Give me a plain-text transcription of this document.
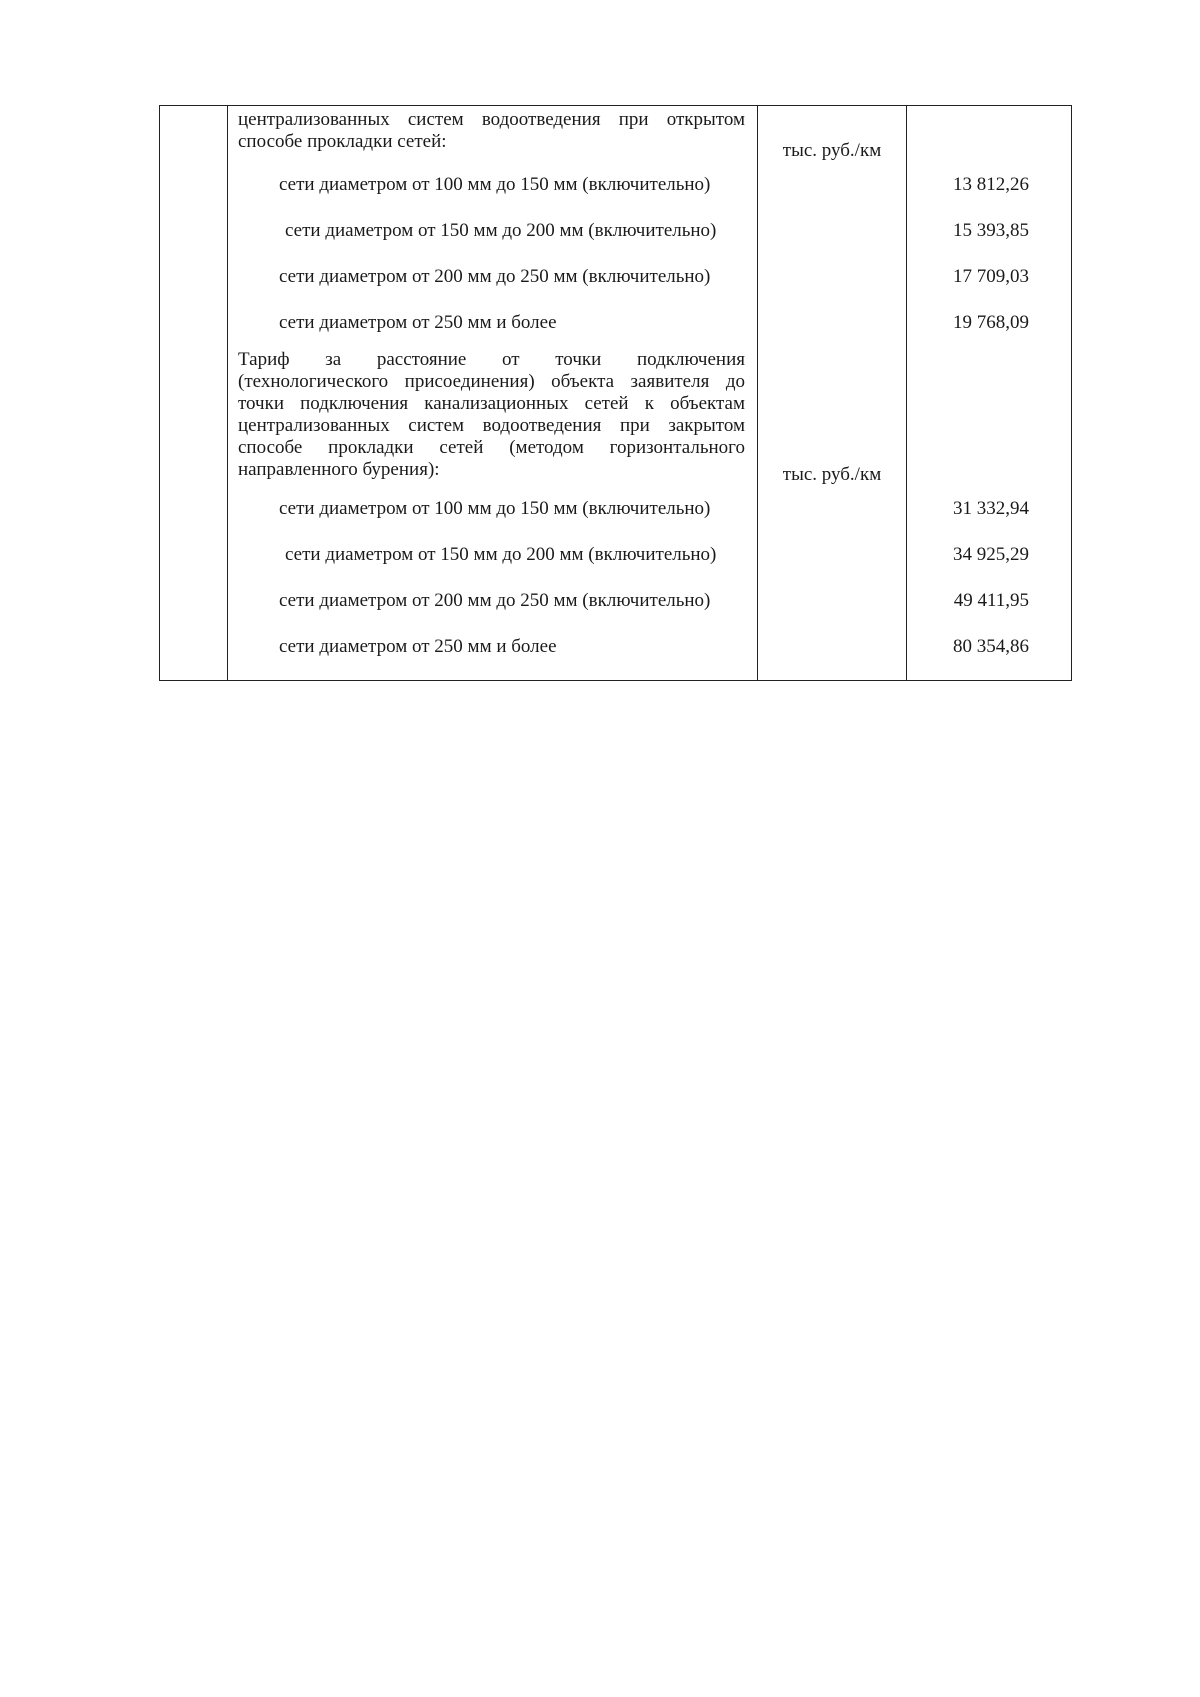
	централизованных систем водоотведения при открытом способе прокладки сетей:	тыс. руб./км	

сети диаметром от 100 мм до 150 мм (включительно)		13 812,26

сети диаметром от 150 мм до 200 мм (включительно)		15 393,85

сети диаметром от 200 мм до 250 мм (включительно)		17 709,03

сети диаметром от 250 мм и более		19 768,09

	Тариф за расстояние от точки подключения (технологического присоединения) объекта заявителя до точки подключения канализационных сетей к объектам централизованных систем водоотведения при закрытом способе прокладки сетей (методом горизонтального направленного бурения):	тыс. руб./км	

сети диаметром от 100 мм до 150 мм (включительно)		31 332,94

сети диаметром от 150 мм до 200 мм (включительно)		34 925,29

сети диаметром от 200 мм до 250 мм (включительно)		49 411,95

сети диаметром от 250 мм и более		80 354,86
